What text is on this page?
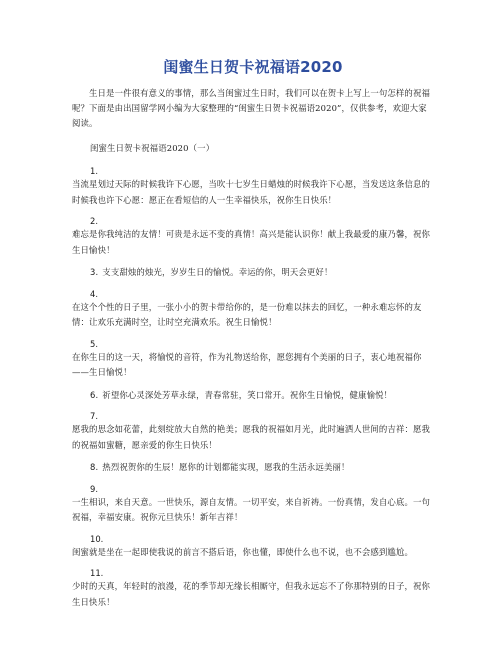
闺蜜生日贺卡祝福语2020

生日是一件很有意义的事情，那么当闺蜜过生日时，我们可以在贺卡上写上一句怎样的祝福呢？下面是由出国留学网小编为大家整理的“闺蜜生日贺卡祝福语2020”，仅供参考，欢迎大家阅读。

闺蜜生日贺卡祝福语2020（一）
1.

当流星划过天际的时候我许下心愿，当吹十七岁生日蜡烛的时候我许下心愿，当发送这条信息的时候我也许下心愿：愿正在看短信的人一生幸福快乐，祝你生日快乐！

2.

难忘是你我纯洁的友情！可贵是永远不变的真情！高兴是能认识你！献上我最爱的康乃馨，祝你生日愉快！

3. 支支甜烛的烛光，岁岁生日的愉悦。幸运的你，明天会更好！

4.

在这个个性的日子里，一张小小的贺卡带给你的，是一份难以抹去的回忆，一种永难忘怀的友情：让欢乐充满时空，让时空充满欢乐。祝生日愉悦！

5.

在你生日的这一天，将愉悦的音符，作为礼物送给你，愿您拥有个美丽的日子，衷心地祝福你——生日愉悦！

6. 祈望你心灵深处芳草永绿，青春常驻，笑口常开。祝你生日愉悦，健康愉悦！

7.

愿我的思念如花蕾，此刻绽放大自然的艳美；愿我的祝福如月光，此时遍洒人世间的吉祥：愿我的祝福如蜜糖，愿亲爱的你生日快乐！

8. 热烈祝贺你的生辰！愿你的计划都能实现，愿我的生活永远美丽！

9.

一生相识，来自天意。一世快乐，源自友情。一切平安，来自祈祷。一份真情，发自心底。一句祝福，幸福安康。祝你元旦快乐！新年吉祥！

10.

闺蜜就是坐在一起即使我说的前言不搭后语，你也懂，即使什么也不说，也不会感到尴尬。

11.

少时的天真，年轻时的浪漫，花的季节却无缘长相厮守，但我永远忘不了你那特别的日子，祝你生日快乐！
